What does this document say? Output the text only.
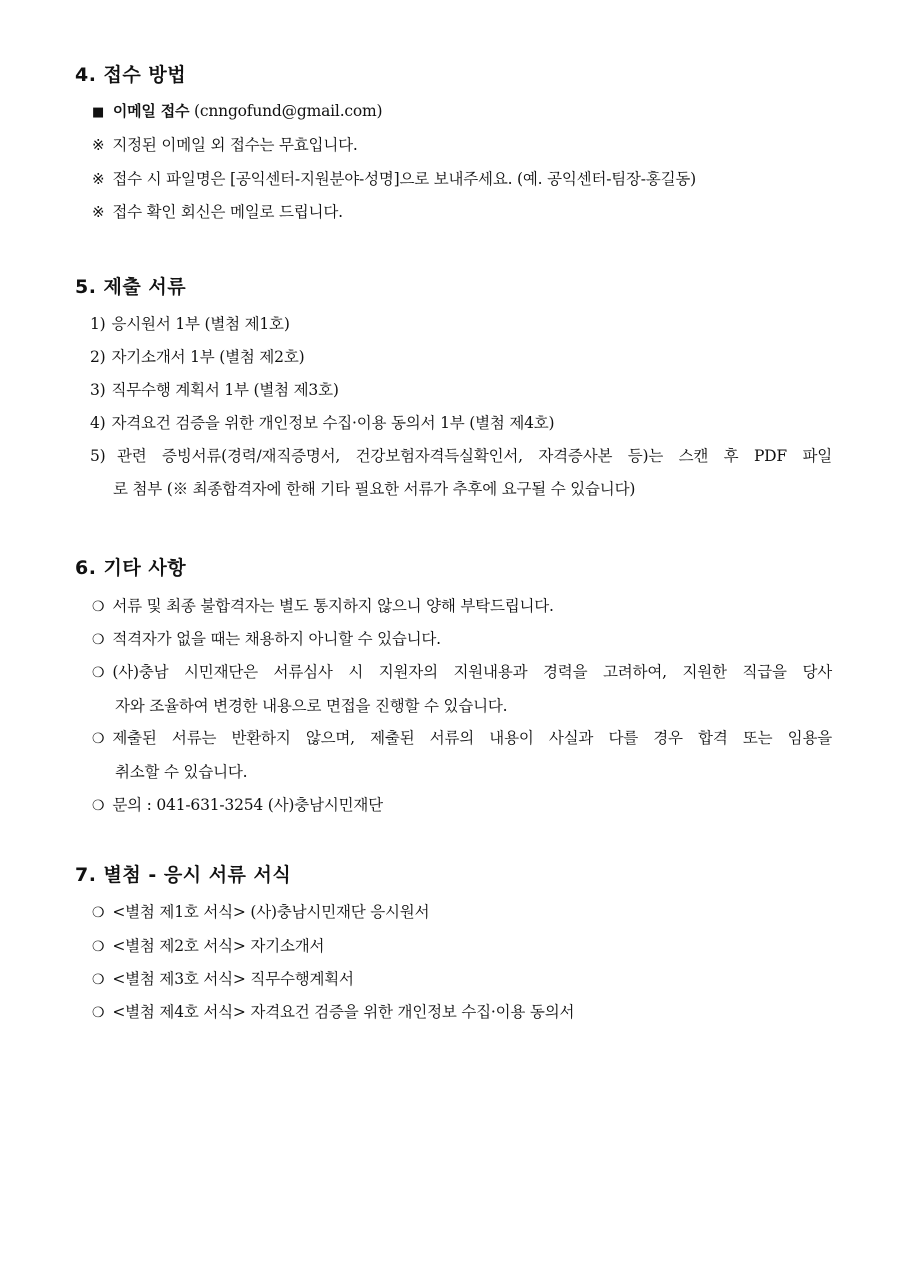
4. 접수 방법
■ 이메일 접수 (cnngofund@gmail.com)
※ 지정된 이메일 외 접수는 무효입니다.
※ 접수 시 파일명은 [공익센터-지원분야-성명]으로 보내주세요. (예. 공익센터-팀장-홍길동)
※ 접수 확인 회신은 메일로 드립니다.
5. 제출 서류
1) 응시원서 1부 (별첨 제1호)
2) 자기소개서 1부 (별첨 제2호)
3) 직무수행 계획서 1부 (별첨 제3호)
4) 자격요건 검증을 위한 개인정보 수집·이용 동의서 1부 (별첨 제4호)
5) 관련 증빙서류(경력/재직증명서, 건강보험자격득실확인서, 자격증사본 등)는 스캔 후 PDF 파일
로 첨부 (※ 최종합격자에 한해 기타 필요한 서류가 추후에 요구될 수 있습니다)
6. 기타 사항
❍ 서류 및 최종 불합격자는 별도 통지하지 않으니 양해 부탁드립니다.
❍ 적격자가 없을 때는 채용하지 아니할 수 있습니다.
❍ (사)충남 시민재단은 서류심사 시 지원자의 지원내용과 경력을 고려하여, 지원한 직급을 당사
자와 조율하여 변경한 내용으로 면접을 진행할 수 있습니다.
❍ 제출된 서류는 반환하지 않으며, 제출된 서류의 내용이 사실과 다를 경우 합격 또는 임용을
취소할 수 있습니다.
❍ 문의 : 041-631-3254 (사)충남시민재단
7. 별첨 - 응시 서류 서식
❍ <별첨 제1호 서식> (사)충남시민재단 응시원서
❍ <별첨 제2호 서식> 자기소개서
❍ <별첨 제3호 서식> 직무수행계획서
❍ <별첨 제4호 서식> 자격요건 검증을 위한 개인정보 수집·이용 동의서
